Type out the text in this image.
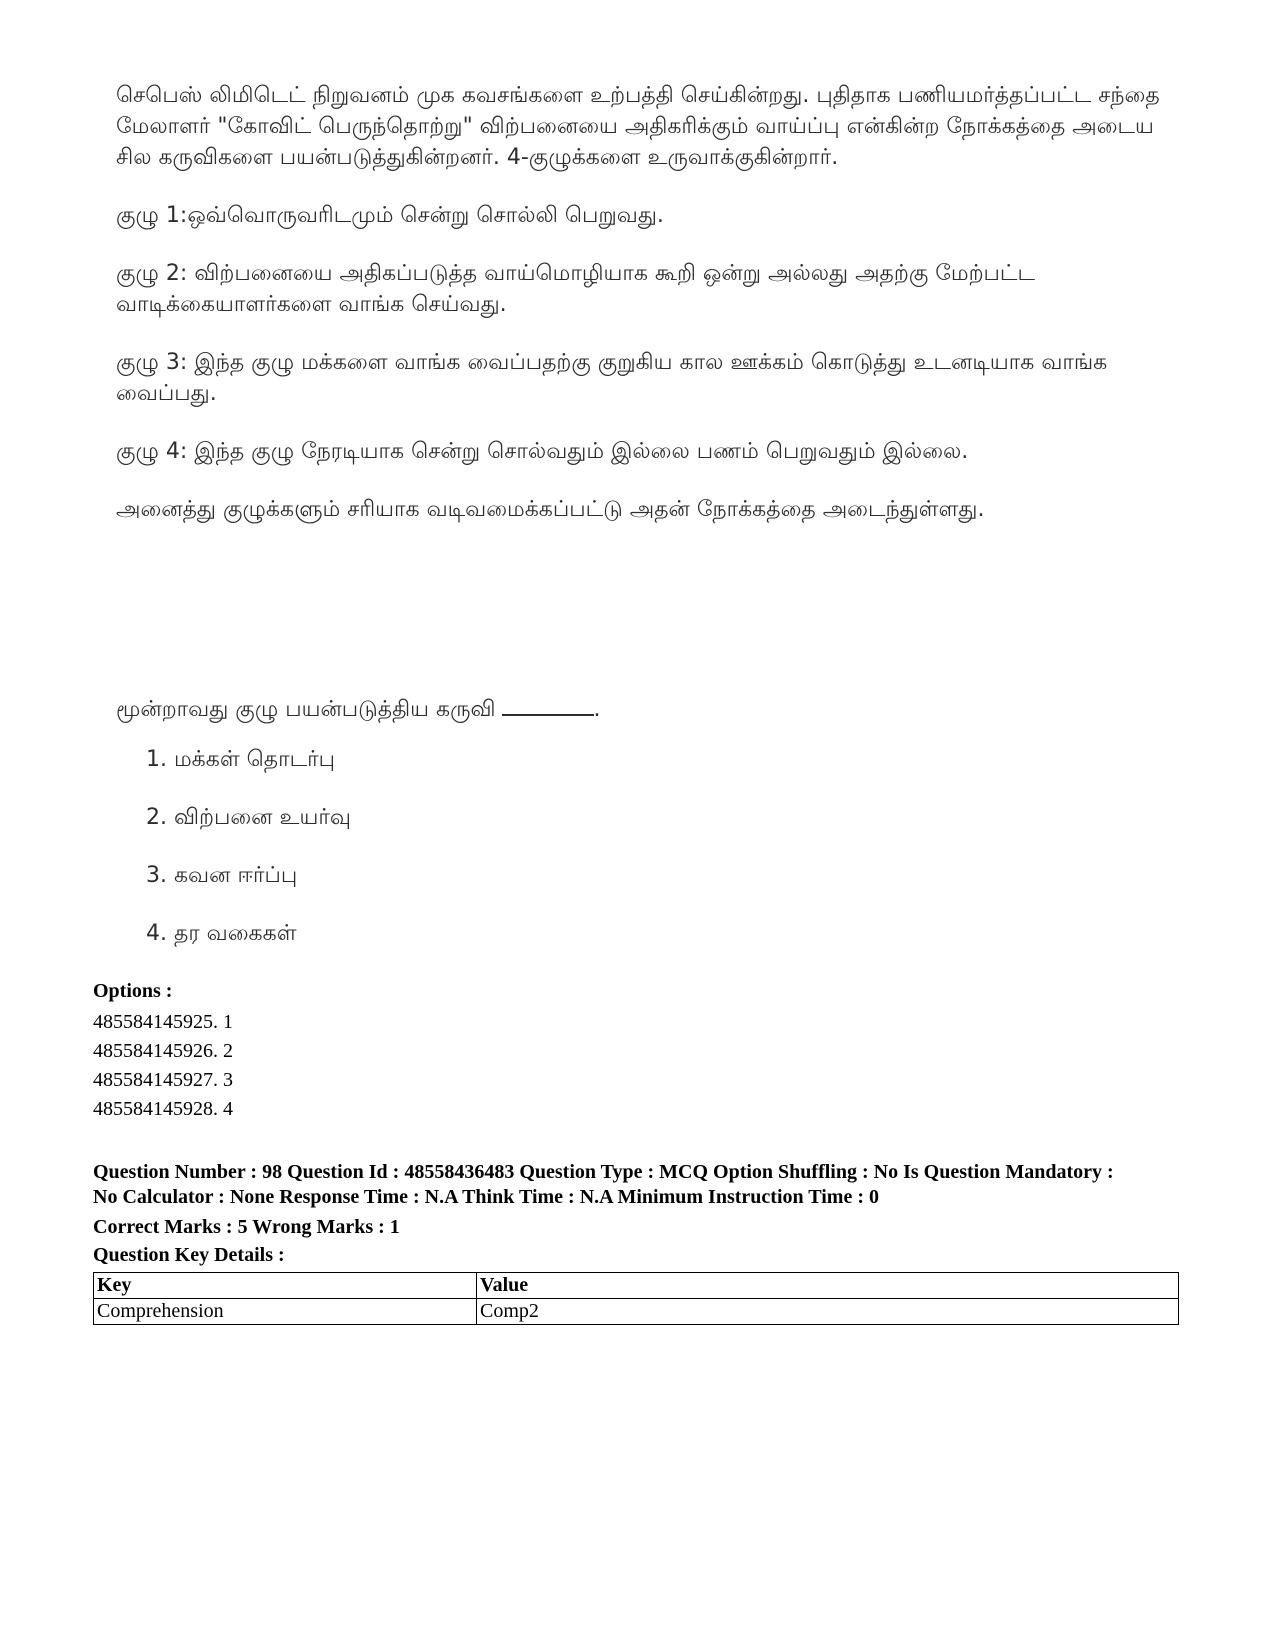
செபெஸ் லிமிடெட் நிறுவனம் முக கவசங்களை உற்பத்தி செய்கின்றது. புதிதாக பணியமர்த்தப்பட்ட சந்தை மேலாளர் "கோவிட் பெருந்தொற்று" விற்பனையை அதிகரிக்கும் வாய்ப்பு என்கின்ற நோக்கத்தை அடைய சில கருவிகளை பயன்படுத்துகின்றனர். 4-குழுக்களை உருவாக்குகின்றார்.

குழு 1:ஒவ்வொருவரிடமும் சென்று சொல்லி பெறுவது.

குழு 2: விற்பனையை அதிகப்படுத்த வாய்மொழியாக கூறி ஒன்று அல்லது அதற்கு மேற்பட்ட வாடிக்கையாளர்களை வாங்க செய்வது.

குழு 3: இந்த குழு மக்களை வாங்க வைப்பதற்கு குறுகிய கால ஊக்கம் கொடுத்து உடனடியாக வாங்க வைப்பது.

குழு 4: இந்த குழு நேரடியாக சென்று சொல்வதும் இல்லை பணம் பெறுவதும் இல்லை.

அனைத்து குழுக்களும் சரியாக வடிவமைக்கப்பட்டு அதன் நோக்கத்தை அடைந்துள்ளது.

மூன்றாவது குழு பயன்படுத்திய கருவி	.
1. மக்கள் தொடர்பு
2. விற்பனை உயர்வு
3. கவன ஈர்ப்பு
4. தர வகைகள்
Options :
485584145925. 1
485584145926. 2
485584145927. 3
485584145928. 4
Question Number : 98 Question Id : 48558436483 Question Type : MCQ Option Shuffling : No Is Question Mandatory :
No Calculator : None Response Time : N.A Think Time : N.A Minimum Instruction Time : 0
Correct Marks : 5 Wrong Marks : 1
Question Key Details :
Key	Value
Comprehension	Comp2
